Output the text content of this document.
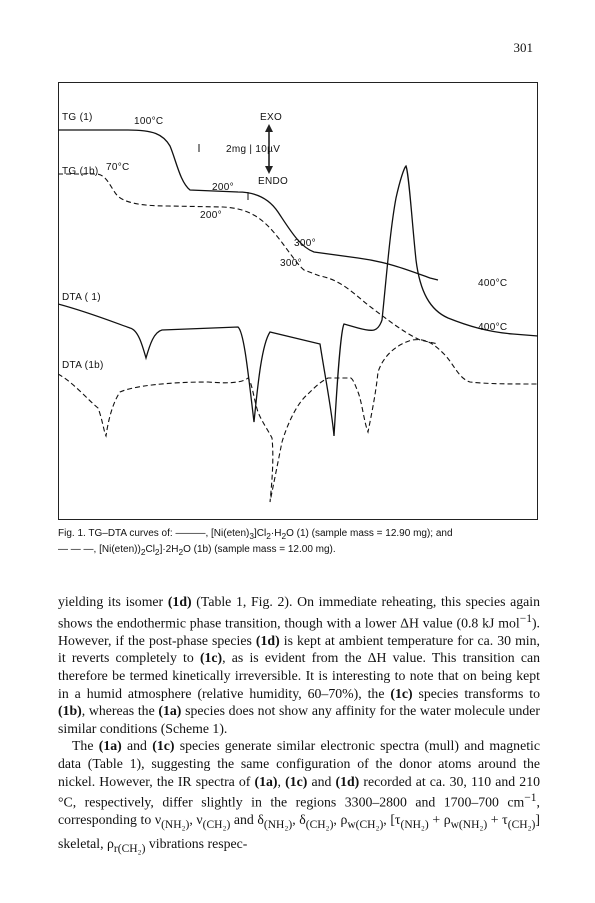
301
TG (1)
TG (1b)
DTA ( 1)
DTA (1b)
100°C
70°C
200°
200°
300°
300°
400°C
400°C
EXO
2mg | 10µV
ENDO
Fig. 1. TG–DTA curves of: ———, $[Ni(eten)_3]Cl_2\cdot H_2O$ (1) (sample mass = 12.90 mg); and
— — —, $[Ni(eten))_2Cl_2]\cdot 2H_2O$ (1b) (sample mass = 12.00 mg).

yielding its isomer (1d) (Table 1, Fig. 2). On immediate reheating, this species again shows the endothermic phase transition, though with a lower ΔH value (0.8 kJ mol$^{-1}$). However, if the post-phase species (1d) is kept at ambient temperature for ca. 30 min, it reverts completely to (1c), as is evident from the ΔH value. This transition can therefore be termed kinetically irreversible. It is interesting to note that on being kept in a humid atmosphere (relative humidity, 60–70%), the (1c) species transforms to (1b), whereas the (1a) species does not show any affinity for the water molecule under similar conditions (Scheme 1).

The (1a) and (1c) species generate similar electronic spectra (mull) and magnetic data (Table 1), suggesting the same configuration of the donor atoms around the nickel. However, the IR spectra of (1a), (1c) and (1d) recorded at ca. 30, 110 and 210 °C, respectively, differ slightly in the regions 3300–2800 and 1700–700 $cm^{-1}$, corresponding to $\nu_{(NH_2)}$, $\nu_{(CH_2)}$ and $\delta_{(NH_2)}$, $\delta_{(CH_2)}$, $\rho_{w(CH_2)}$, $[\tau_{(NH_2)} + \rho_{w(NH_2)} + \tau_{(CH_2)}]$ skeletal, $\rho_{r(CH_2)}$ vibrations respec-
